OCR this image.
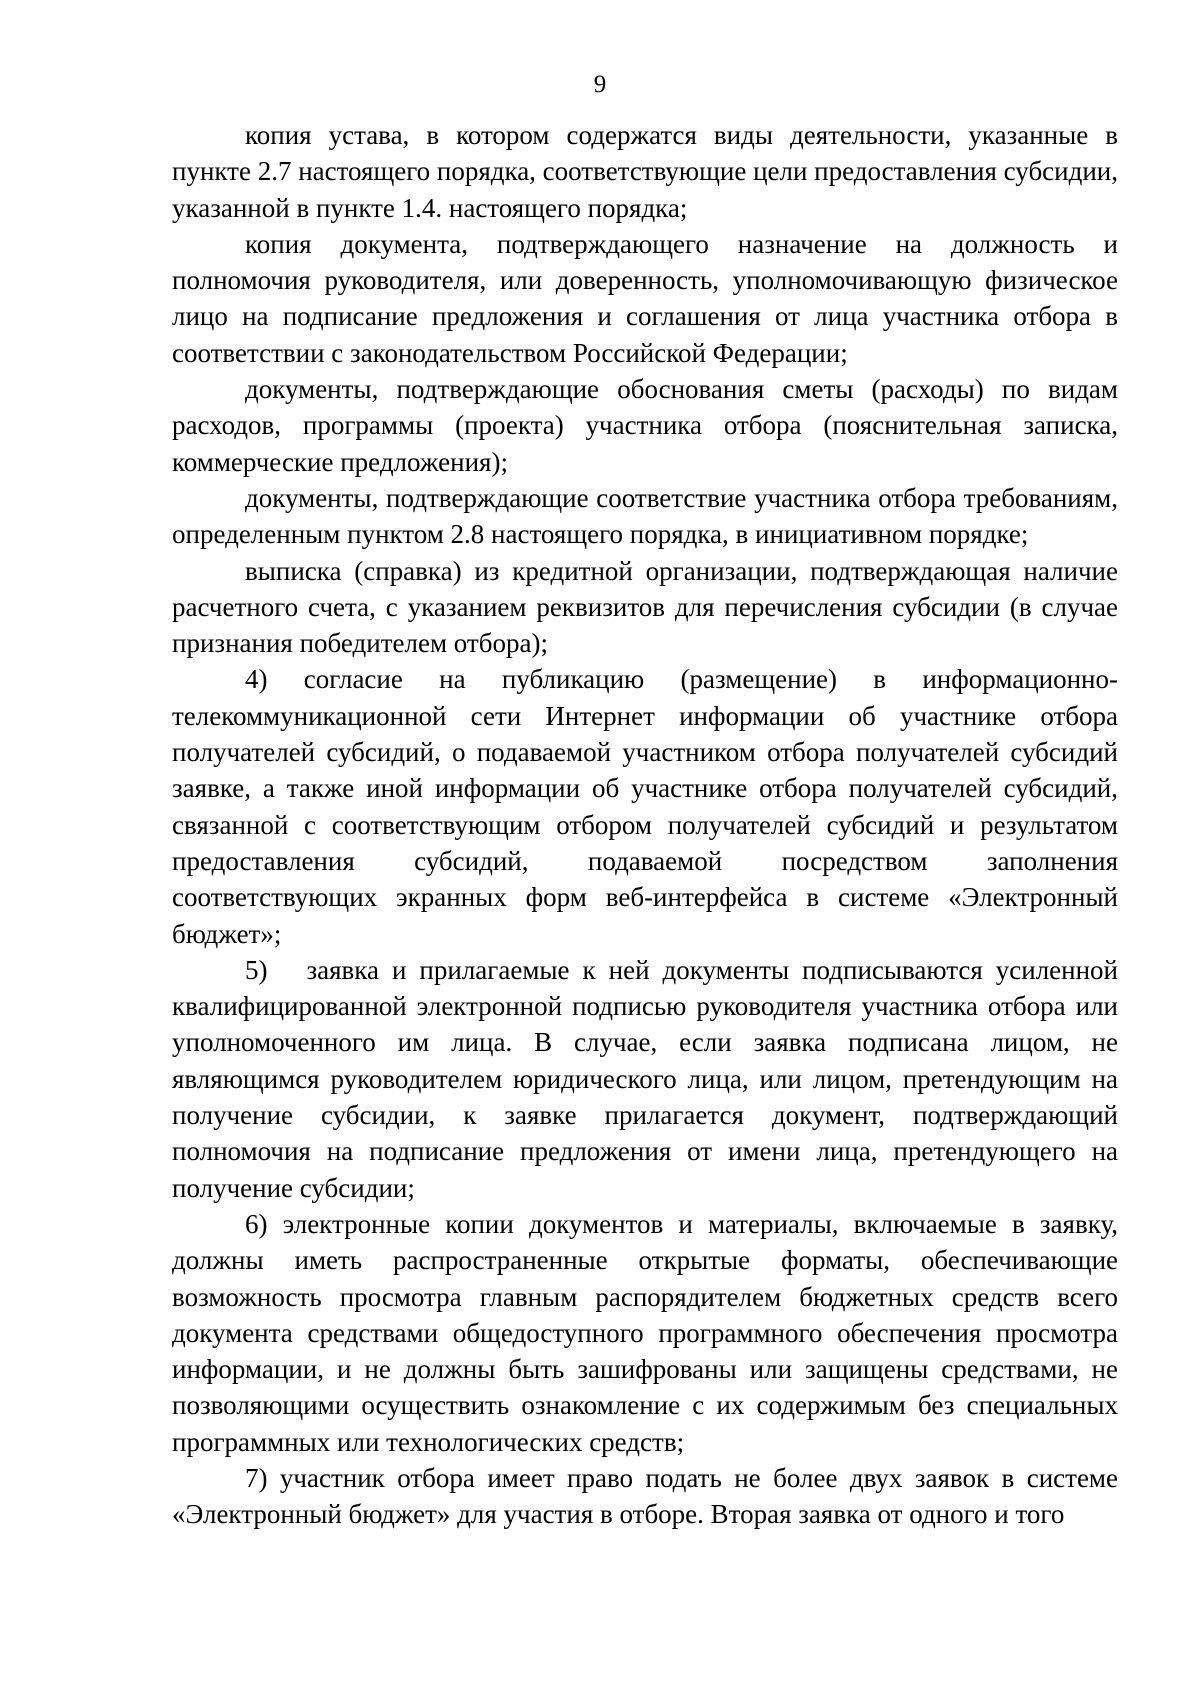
9

копия устава, в котором содержатся виды деятельности, указанные в пункте 2.7 настоящего порядка, соответствующие цели предоставления субсидии, указанной в пункте 1.4. настоящего порядка;

копия документа, подтверждающего назначение на должность и полномочия руководителя, или доверенность, уполномочивающую физическое лицо на подписание предложения и соглашения от лица участника отбора в соответствии с законодательством Российской Федерации;

документы, подтверждающие обоснования сметы (расходы) по видам расходов, программы (проекта) участника отбора (пояснительная записка, коммерческие предложения);

документы, подтверждающие соответствие участника отбора требованиям, определенным пунктом 2.8 настоящего порядка, в инициативном порядке;

выписка (справка) из кредитной организации, подтверждающая наличие расчетного счета, с указанием реквизитов для перечисления субсидии (в случае признания победителем отбора);

4) согласие на публикацию (размещение) в информационно-телекоммуникационной сети Интернет информации об участнике отбора получателей субсидий, о подаваемой участником отбора получателей субсидий заявке, а также иной информации об участнике отбора получателей субсидий, связанной с соответствующим отбором получателей субсидий и результатом предоставления субсидий, подаваемой посредством заполнения соответствующих экранных форм веб-интерфейса в системе «Электронный бюджет»;

5)   заявка и прилагаемые к ней документы подписываются усиленной квалифицированной электронной подписью руководителя участника отбора или уполномоченного им лица. В случае, если заявка подписана лицом, не являющимся руководителем юридического лица, или лицом, претендующим на получение субсидии, к заявке прилагается документ, подтверждающий полномочия на подписание предложения от имени лица, претендующего на получение субсидии;

6) электронные копии документов и материалы, включаемые в заявку, должны иметь распространенные открытые форматы, обеспечивающие возможность просмотра главным распорядителем бюджетных средств всего документа средствами общедоступного программного обеспечения просмотра информации, и не должны быть зашифрованы или защищены средствами, не позволяющими осуществить ознакомление с их содержимым без специальных программных или технологических средств;

7) участник отбора имеет право подать не более двух заявок в системе «Электронный бюджет» для участия в отборе. Вторая заявка от одного и того
